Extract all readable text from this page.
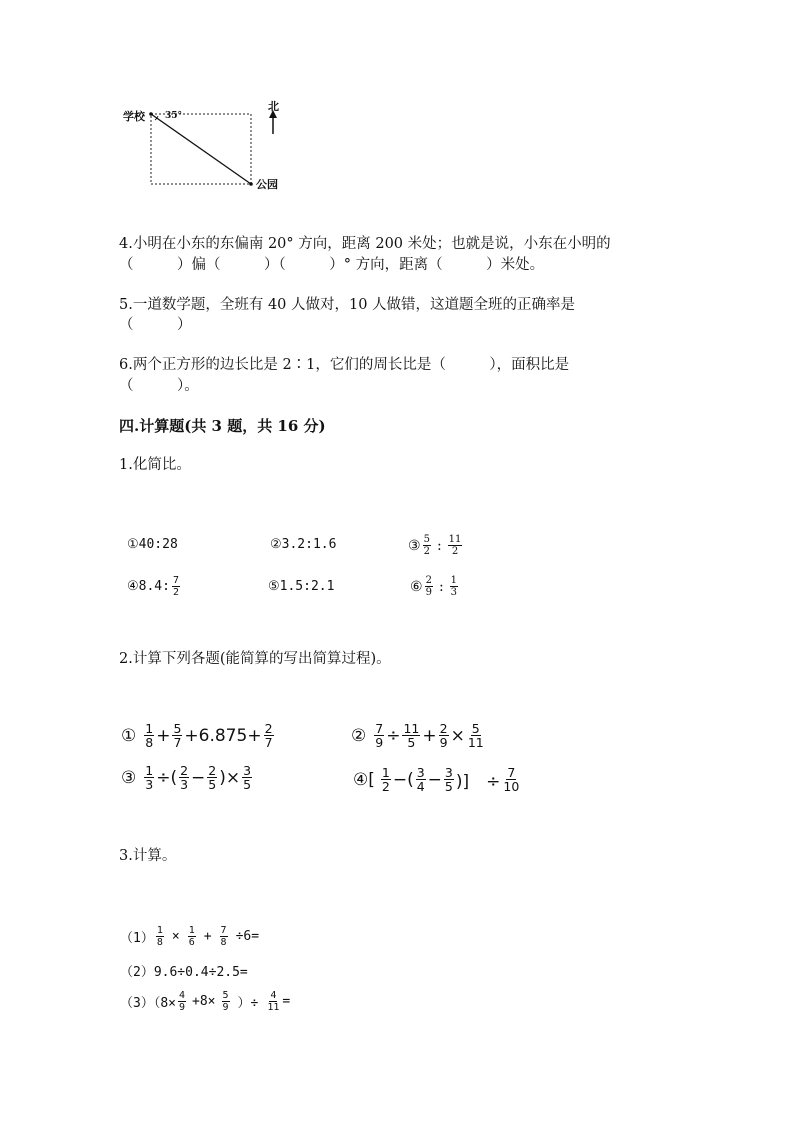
学校 35°
北
公园
4.小明在小东的东偏南 20° 方向，距离 200 米处；也就是说，小东在小明的
（　　　）偏（　　　）（　　　）° 方向，距离（　　　）米处。
5.一道数学题，全班有 40 人做对，10 人做错，这道题全班的正确率是
（　　　）
6.两个正方形的边长比是 2∶1，它们的周长比是（　　　），面积比是
（　　　）。
四.计算题(共 3 题，共 16 分)
1.化简比。
①40:28	②3.2:1.6	③ $\frac{5}{2}$ : $\frac{11}{2}$
④8.4: $\frac{7}{2}$	⑤1.5:2.1	⑥ $\frac{2}{9}$ : $\frac{1}{3}$
2.计算下列各题(能简算的写出简算过程)。
① $\frac{1}{8} + \frac{5}{7} +6.875+ \frac{2}{7}$	② $\frac{7}{9} \div \frac{11}{5} + \frac{2}{9} \times \frac{5}{11}$
③ $\frac{1}{3}$ ÷( $\frac{2}{3} - \frac{2}{5}$ )× $\frac{3}{5}$	④[ $\frac{1}{2}$ −( $\frac{3}{4} - \frac{3}{5}$ )]　÷ $\frac{7}{10}$
3.计算。
$(1) \frac{1}{8} \times \frac{1}{6} + \frac{7}{8} \div 6=$
（2）9.6÷0.4÷2.5=
$(3)(8\times \frac{4}{9} +8\times \frac{5}{9}$ ）÷ $\frac{4}{11}$ =
